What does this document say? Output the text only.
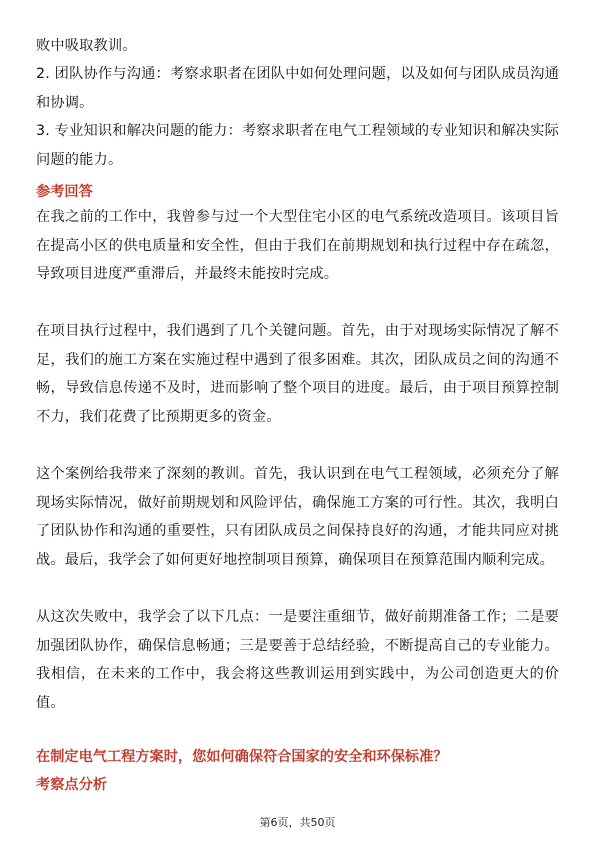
败中吸取教训。

2. 团队协作与沟通：考察求职者在团队中如何处理问题，以及如何与团队成员沟通和协调。

3. 专业知识和解决问题的能力：考察求职者在电气工程领域的专业知识和解决实际问题的能力。

参考回答

在我之前的工作中，我曾参与过一个大型住宅小区的电气系统改造项目。该项目旨在提高小区的供电质量和安全性，但由于我们在前期规划和执行过程中存在疏忽，导致项目进度严重滞后，并最终未能按时完成。

在项目执行过程中，我们遇到了几个关键问题。首先，由于对现场实际情况了解不足，我们的施工方案在实施过程中遇到了很多困难。其次，团队成员之间的沟通不畅，导致信息传递不及时，进而影响了整个项目的进度。最后，由于项目预算控制不力，我们花费了比预期更多的资金。

这个案例给我带来了深刻的教训。首先，我认识到在电气工程领域，必须充分了解现场实际情况，做好前期规划和风险评估，确保施工方案的可行性。其次，我明白了团队协作和沟通的重要性，只有团队成员之间保持良好的沟通，才能共同应对挑战。最后，我学会了如何更好地控制项目预算，确保项目在预算范围内顺利完成。

从这次失败中，我学会了以下几点：一是要注重细节，做好前期准备工作；二是要加强团队协作，确保信息畅通；三是要善于总结经验，不断提高自己的专业能力。我相信，在未来的工作中，我会将这些教训运用到实践中，为公司创造更大的价值。

在制定电气工程方案时，您如何确保符合国家的安全和环保标准？
考察点分析
第6页，共50页
